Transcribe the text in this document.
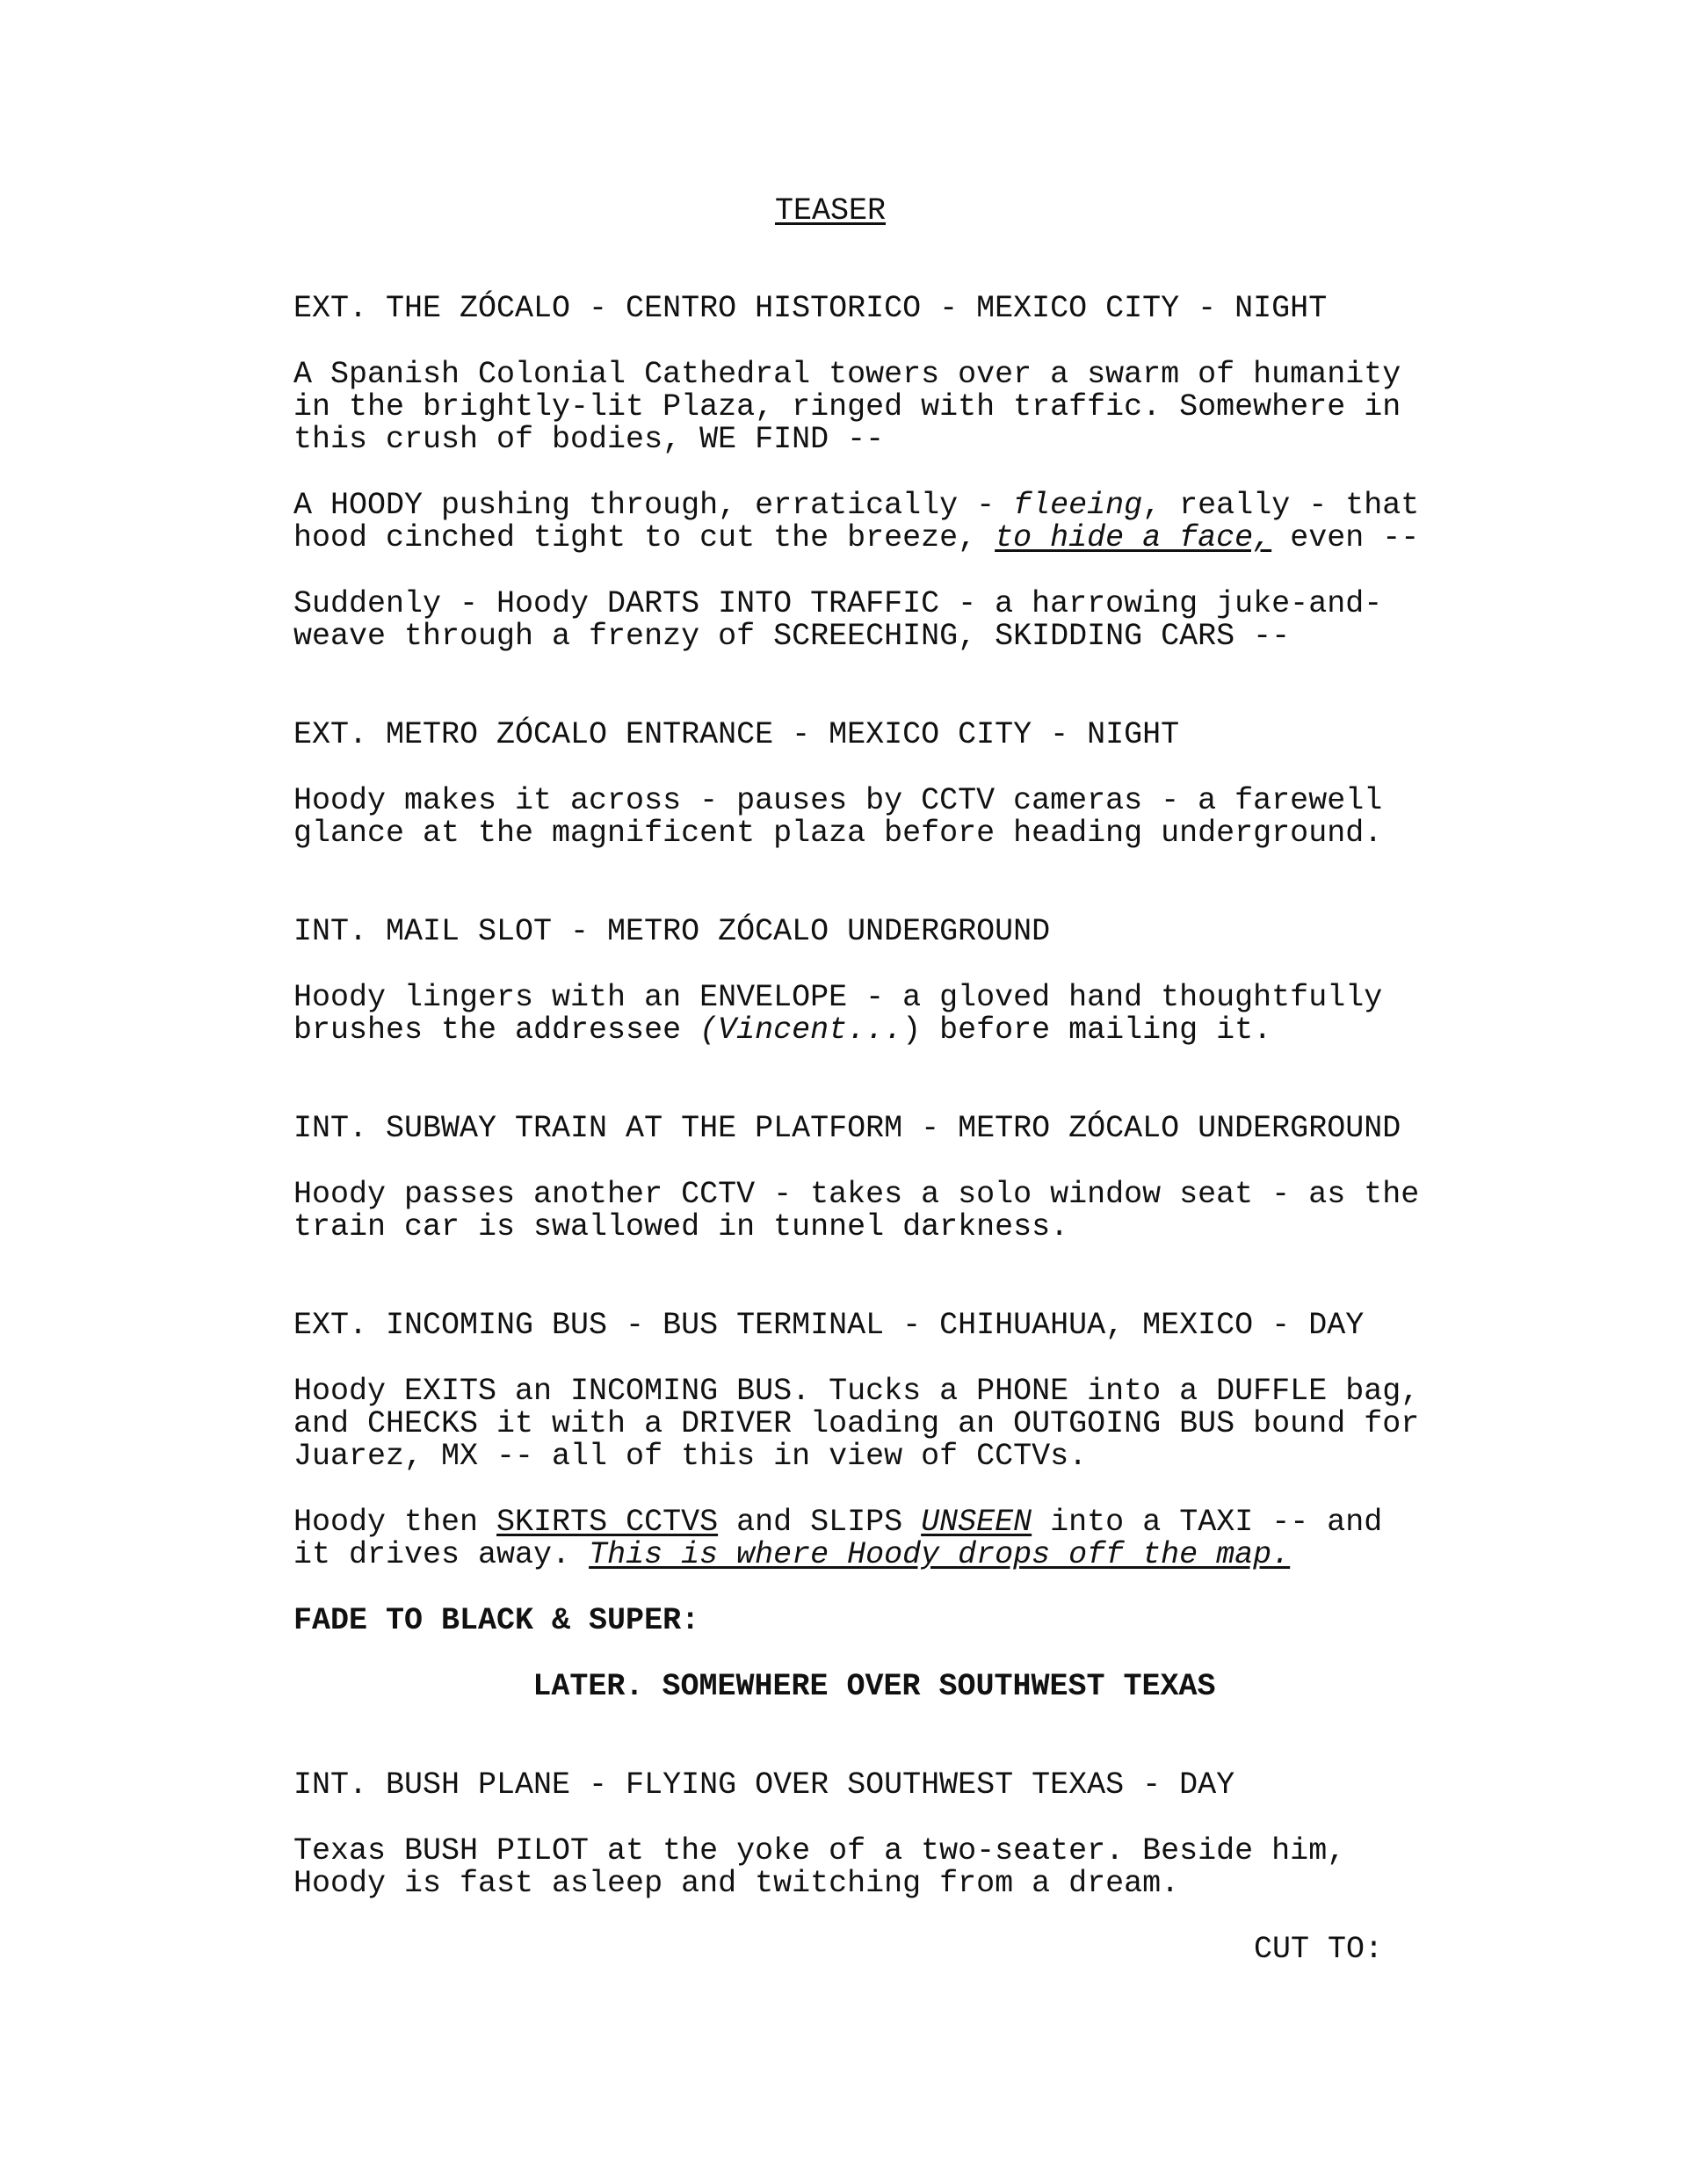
TEASER
EXT. THE ZÓCALO - CENTRO HISTORICO - MEXICO CITY - NIGHT
A Spanish Colonial Cathedral towers over a swarm of humanity
in the brightly-lit Plaza, ringed with traffic. Somewhere in
this crush of bodies, WE FIND --
A HOODY pushing through, erratically - fleeing, really - that
hood cinched tight to cut the breeze, to hide a face, even --
Suddenly - Hoody DARTS INTO TRAFFIC - a harrowing juke-and-
weave through a frenzy of SCREECHING, SKIDDING CARS --
EXT. METRO ZÓCALO ENTRANCE - MEXICO CITY - NIGHT
Hoody makes it across - pauses by CCTV cameras - a farewell
glance at the magnificent plaza before heading underground.
INT. MAIL SLOT - METRO ZÓCALO UNDERGROUND
Hoody lingers with an ENVELOPE - a gloved hand thoughtfully
brushes the addressee (Vincent...) before mailing it.
INT. SUBWAY TRAIN AT THE PLATFORM - METRO ZÓCALO UNDERGROUND
Hoody passes another CCTV - takes a solo window seat - as the
train car is swallowed in tunnel darkness.
EXT. INCOMING BUS - BUS TERMINAL - CHIHUAHUA, MEXICO - DAY
Hoody EXITS an INCOMING BUS. Tucks a PHONE into a DUFFLE bag,
and CHECKS it with a DRIVER loading an OUTGOING BUS bound for
Juarez, MX -- all of this in view of CCTVs.
Hoody then SKIRTS CCTVS and SLIPS UNSEEN into a TAXI -- and
it drives away. This is where Hoody drops off the map.
FADE TO BLACK & SUPER:
LATER. SOMEWHERE OVER SOUTHWEST TEXAS
INT. BUSH PLANE - FLYING OVER SOUTHWEST TEXAS - DAY
Texas BUSH PILOT at the yoke of a two-seater. Beside him,
Hoody is fast asleep and twitching from a dream.
CUT TO:
